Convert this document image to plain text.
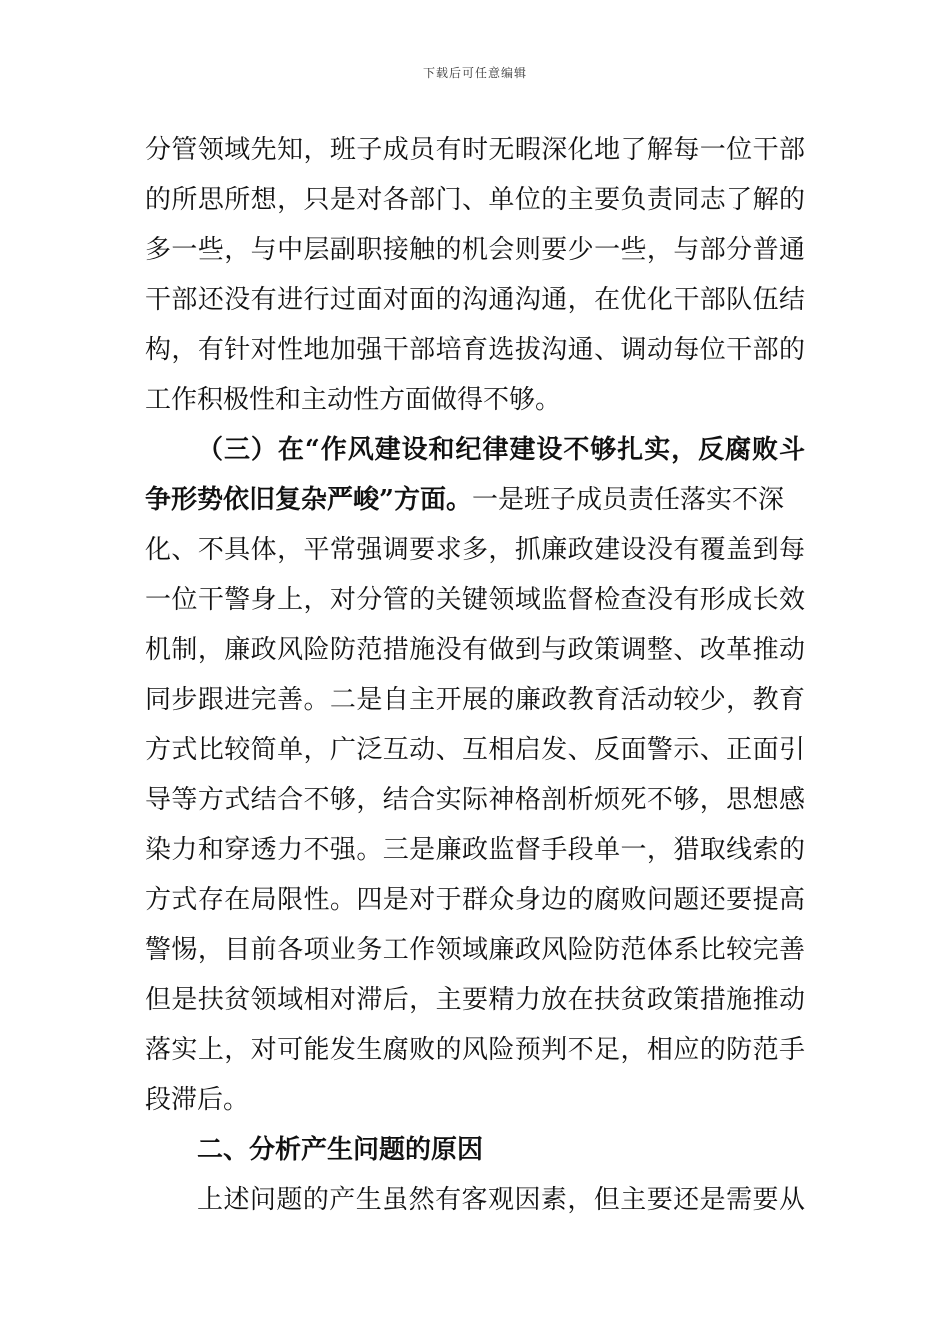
下载后可任意编辑
分管领域先知，班子成员有时无暇深化地了解每一位干部
的所思所想，只是对各部门、单位的主要负责同志了解的
多一些，与中层副职接触的机会则要少一些，与部分普通
干部还没有进行过面对面的沟通沟通，在优化干部队伍结
构，有针对性地加强干部培育选拔沟通、调动每位干部的
工作积极性和主动性方面做得不够。
（三）在“作风建设和纪律建设不够扎实，反腐败斗
争形势依旧复杂严峻”方面。一是班子成员责任落实不深
化、不具体，平常强调要求多，抓廉政建设没有覆盖到每
一位干警身上，对分管的关键领域监督检查没有形成长效
机制，廉政风险防范措施没有做到与政策调整、改革推动
同步跟进完善。二是自主开展的廉政教育活动较少，教育
方式比较简单，广泛互动、互相启发、反面警示、正面引
导等方式结合不够，结合实际神格剖析烦死不够，思想感
染力和穿透力不强。三是廉政监督手段单一，猎取线索的
方式存在局限性。四是对于群众身边的腐败问题还要提高
警惕，目前各项业务工作领域廉政风险防范体系比较完善
但是扶贫领域相对滞后，主要精力放在扶贫政策措施推动
落实上，对可能发生腐败的风险预判不足，相应的防范手
段滞后。
二、分析产生问题的原因
上述问题的产生虽然有客观因素，但主要还是需要从
